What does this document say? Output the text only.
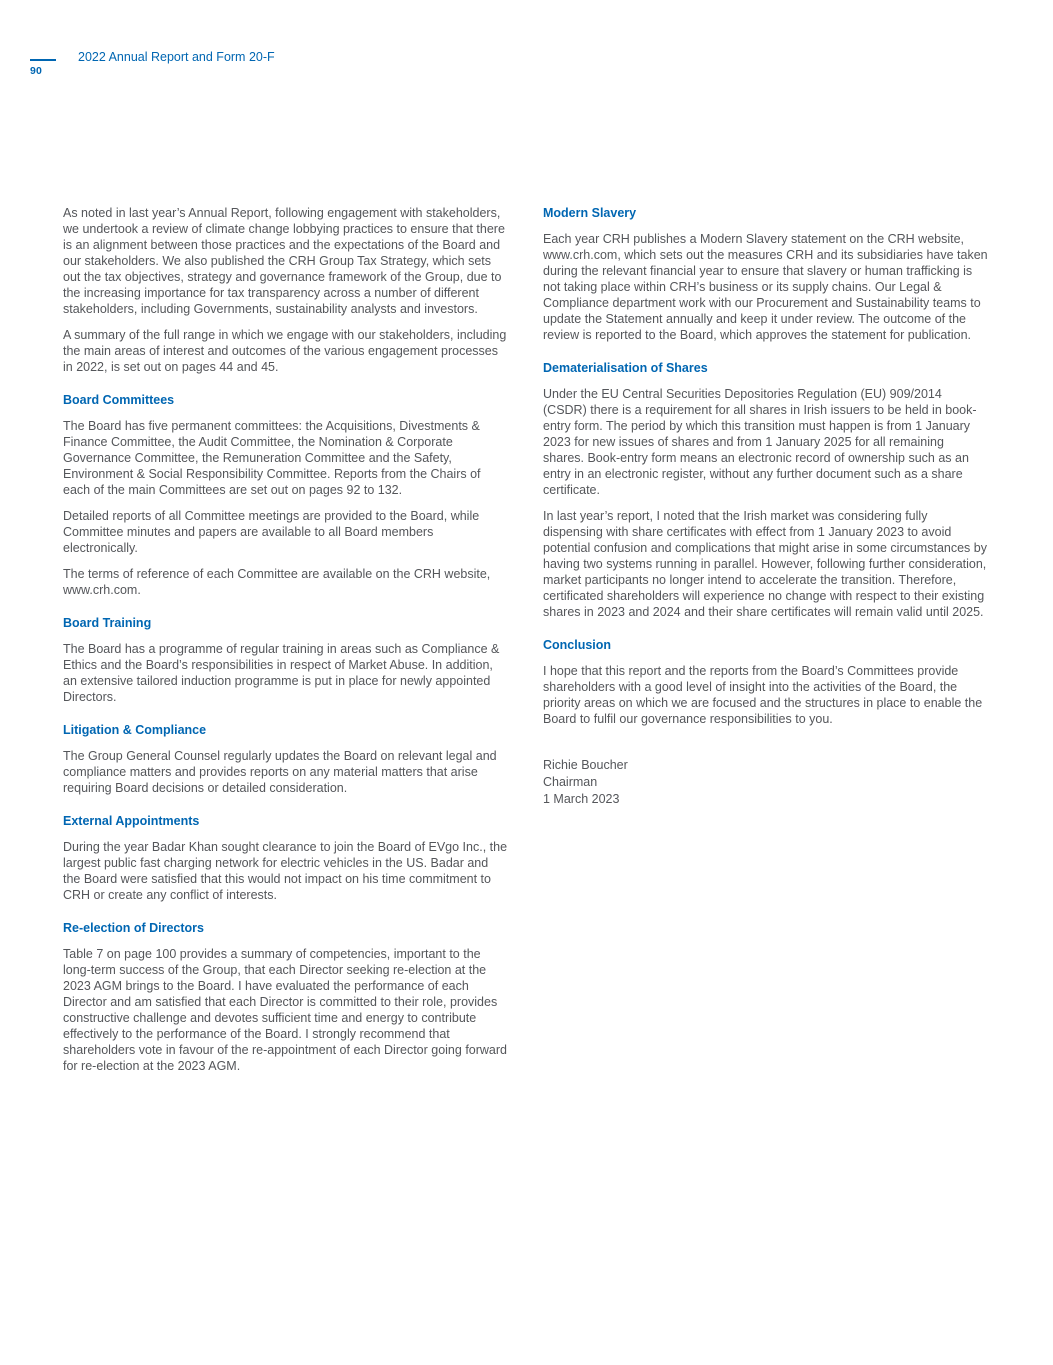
90
2022 Annual Report and Form 20-F

As noted in last year’s Annual Report, following engagement with stakeholders, we undertook a review of climate change lobbying practices to ensure that there is an alignment between those practices and the expectations of the Board and our stakeholders. We also published the CRH Group Tax Strategy, which sets out the tax objectives, strategy and governance framework of the Group, due to the increasing importance for tax transparency across a number of different stakeholders, including Governments, sustainability analysts and investors.

A summary of the full range in which we engage with our stakeholders, including the main areas of interest and outcomes of the various engagement processes in 2022, is set out on pages 44 and 45.

Board Committees

The Board has five permanent committees: the Acquisitions, Divestments & Finance Committee, the Audit Committee, the Nomination & Corporate Governance Committee, the Remuneration Committee and the Safety, Environment & Social Responsibility Committee. Reports from the Chairs of each of the main Committees are set out on pages 92 to 132.

Detailed reports of all Committee meetings are provided to the Board, while Committee minutes and papers are available to all Board members electronically.

The terms of reference of each Committee are available on the CRH website, www.crh.com.

Board Training

The Board has a programme of regular training in areas such as Compliance & Ethics and the Board’s responsibilities in respect of Market Abuse. In addition, an extensive tailored induction programme is put in place for newly appointed Directors.

Litigation & Compliance

The Group General Counsel regularly updates the Board on relevant legal and compliance matters and provides reports on any material matters that arise requiring Board decisions or detailed consideration.

External Appointments

During the year Badar Khan sought clearance to join the Board of EVgo Inc., the largest public fast charging network for electric vehicles in the US. Badar and the Board were satisfied that this would not impact on his time commitment to CRH or create any conflict of interests.

Re-election of Directors

Table 7 on page 100 provides a summary of competencies, important to the long-term success of the Group, that each Director seeking re-election at the 2023 AGM brings to the Board. I have evaluated the performance of each Director and am satisfied that each Director is committed to their role, provides constructive challenge and devotes sufficient time and energy to contribute effectively to the performance of the Board. I strongly recommend that shareholders vote in favour of the re-appointment of each Director going forward for re-election at the 2023 AGM.

Modern Slavery

Each year CRH publishes a Modern Slavery statement on the CRH website, www.crh.com, which sets out the measures CRH and its subsidiaries have taken during the relevant financial year to ensure that slavery or human trafficking is not taking place within CRH’s business or its supply chains. Our Legal & Compliance department work with our Procurement and Sustainability teams to update the Statement annually and keep it under review. The outcome of the review is reported to the Board, which approves the statement for publication.

Dematerialisation of Shares

Under the EU Central Securities Depositories Regulation (EU) 909/2014 (CSDR) there is a requirement for all shares in Irish issuers to be held in book-entry form. The period by which this transition must happen is from 1 January 2023 for new issues of shares and from 1 January 2025 for all remaining shares. Book-entry form means an electronic record of ownership such as an entry in an electronic register, without any further document such as a share certificate.

In last year’s report, I noted that the Irish market was considering fully dispensing with share certificates with effect from 1 January 2023 to avoid potential confusion and complications that might arise in some circumstances by having two systems running in parallel. However, following further consideration, market participants no longer intend to accelerate the transition. Therefore, certificated shareholders will experience no change with respect to their existing shares in 2023 and 2024 and their share certificates will remain valid until 2025.

Conclusion

I hope that this report and the reports from the Board’s Committees provide shareholders with a good level of insight into the activities of the Board, the priority areas on which we are focused and the structures in place to enable the Board to fulfil our governance responsibilities to you.

Richie Boucher

Chairman

1 March 2023
